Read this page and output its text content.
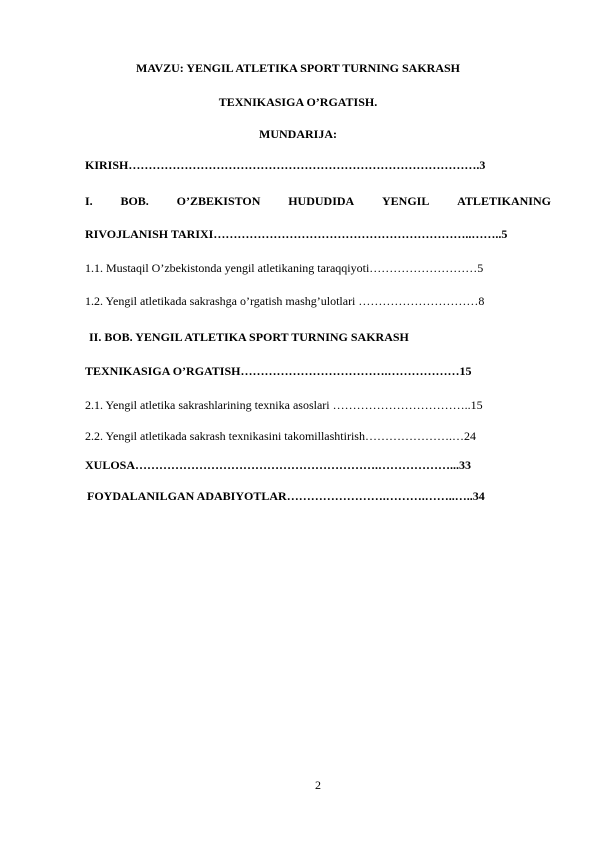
MAVZU: YENGIL ATLETIKA SPORT TURNING SAKRASH
TEXNIKASIGA O’RGATISH.
MUNDARIJA:
KIRISH…………………………………………………………………………….3
I. BOB. O’ZBEKISTON HUDUDIDA YENGIL ATLETIKANING
RIVOJLANISH TARIXI………………………………………………………..……..5
1.1. Mustaqil O’zbekistonda yengil atletikaning taraqqiyoti………………………5
1.2. Yengil atletikada sakrashga o’rgatish mashg’ulotlari …………………………8
II. BOB. YENGIL ATLETIKA SPORT TURNING SAKRASH
TEXNIKASIGA O’RGATISH……………………………….………………15
2.1. Yengil atletika sakrashlarining texnika asoslari ……………………………..15
2.2. Yengil atletikada sakrash texnikasini takomillashtirish………………….…24
XULOSA…………………………………………………….………………...33
FOYDALANILGAN ADABIYOTLAR…………………….……….……..…..34
2
